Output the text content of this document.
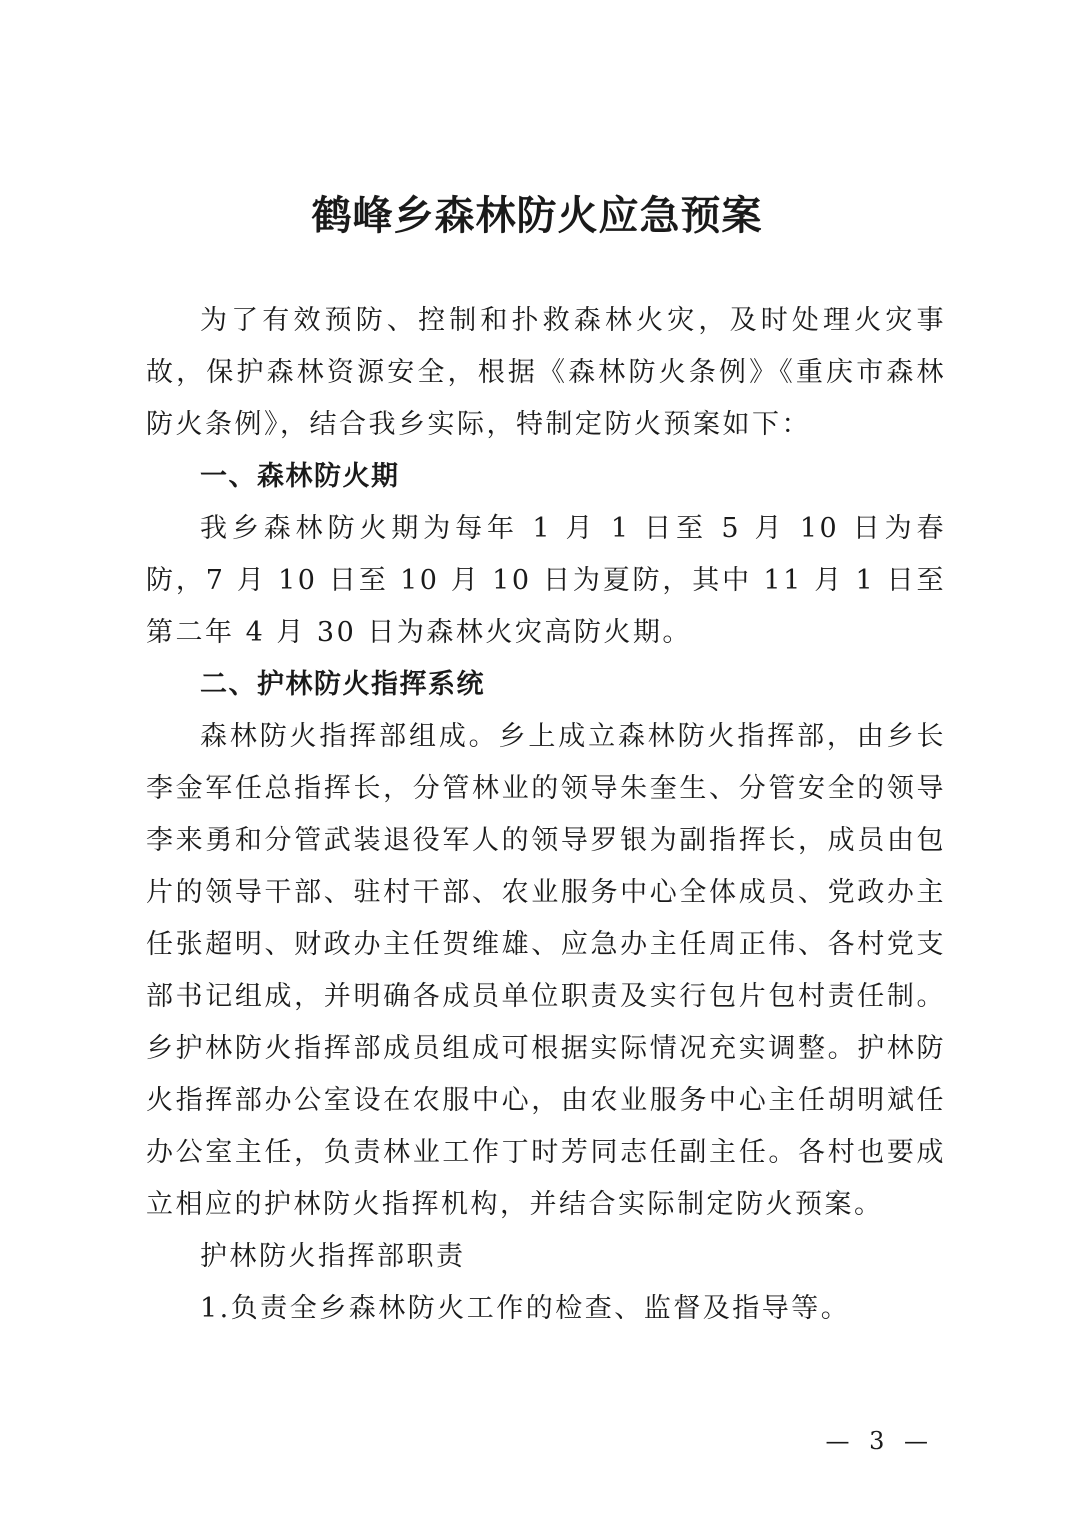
鹤峰乡森林防火应急预案

为了有效预防、控制和扑救森林火灾，及时处理火灾事故，保护森林资源安全，根据《森林防火条例》《重庆市森林防火条例》，结合我乡实际，特制定防火预案如下：

一、森林防火期

我乡森林防火期为每年 1 月 1 日至 5 月 10 日为春防，7 月 10 日至 10 月 10 日为夏防，其中 11 月 1 日至第二年 4 月 30 日为森林火灾高防火期。

二、护林防火指挥系统

森林防火指挥部组成。乡上成立森林防火指挥部，由乡长李金军任总指挥长，分管林业的领导朱奎生、分管安全的领导李来勇和分管武装退役军人的领导罗银为副指挥长，成员由包片的领导干部、驻村干部、农业服务中心全体成员、党政办主任张超明、财政办主任贺维雄、应急办主任周正伟、各村党支部书记组成，并明确各成员单位职责及实行包片包村责任制。乡护林防火指挥部成员组成可根据实际情况充实调整。护林防火指挥部办公室设在农服中心，由农业服务中心主任胡明斌任办公室主任，负责林业工作丁时芳同志任副主任。各村也要成立相应的护林防火指挥机构，并结合实际制定防火预案。

护林防火指挥部职责

1.负责全乡森林防火工作的检查、监督及指导等。

— 3 —
